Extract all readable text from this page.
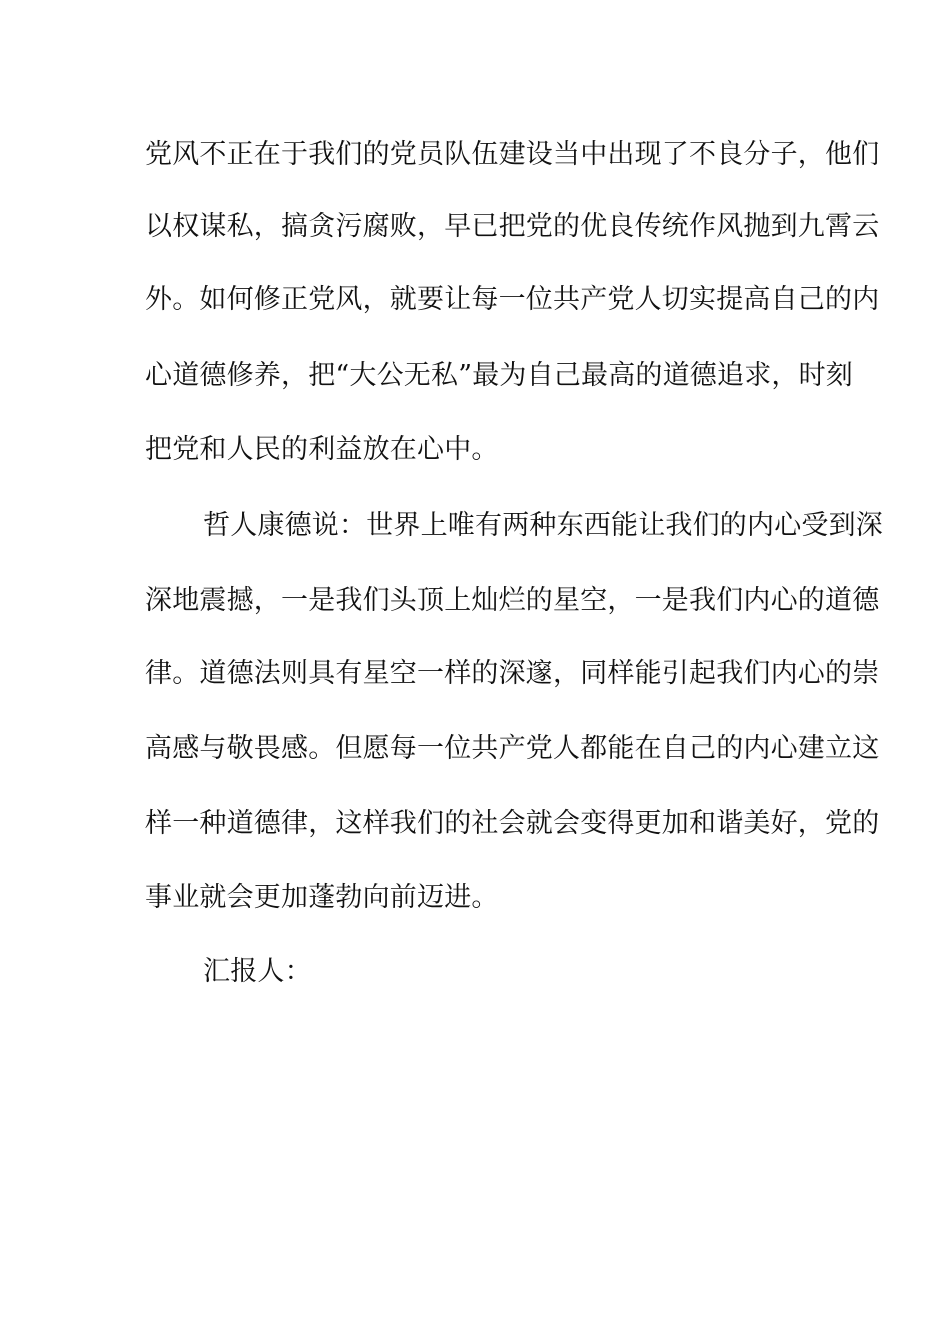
党风不正在于我们的党员队伍建设当中出现了不良分子，他们
以权谋私，搞贪污腐败，早已把党的优良传统作风抛到九霄云
外。如何修正党风，就要让每一位共产党人切实提高自己的内
心道德修养，把“大公无私”最为自己最高的道德追求，时刻
把党和人民的利益放在心中。
哲人康德说：世界上唯有两种东西能让我们的内心受到深
深地震撼，一是我们头顶上灿烂的星空，一是我们内心的道德
律。道德法则具有星空一样的深邃，同样能引起我们内心的崇
高感与敬畏感。但愿每一位共产党人都能在自己的内心建立这
样一种道德律，这样我们的社会就会变得更加和谐美好，党的
事业就会更加蓬勃向前迈进。
汇报人：
